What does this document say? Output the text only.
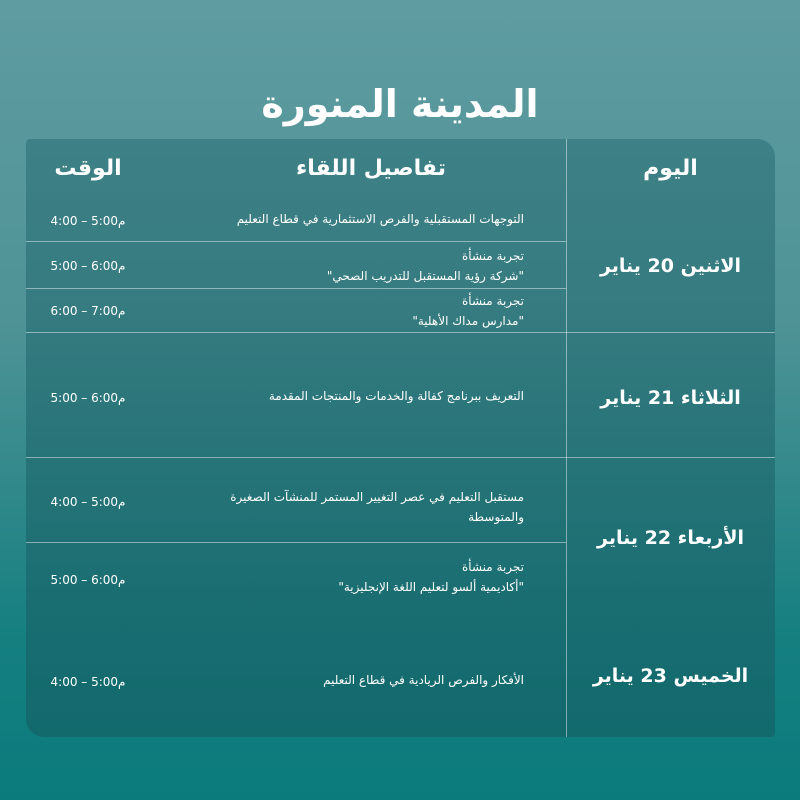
المدينة المنورة
اليوم
تفاصيل اللقاء
الوقت
الاثنين 20 يناير
التوجهات المستقبلية والفرص الاستثمارية في قطاع التعليم
4:00 – 5:00م
تجربة منشأة
"شركة رؤية المستقبل للتدريب الصحي"
5:00 – 6:00م
تجربة منشأة
"مدارس مداك الأهلية"
6:00 – 7:00م
الثلاثاء 21 يناير
التعريف ببرنامج كفالة والخدمات والمنتجات المقدمة
5:00 – 6:00م
الأربعاء 22 يناير
مستقبل التعليم في عصر التغيير المستمر للمنشآت الصغيرة
والمتوسطة
4:00 – 5:00م
تجربة منشأة
"أكاديمية ألسو لتعليم اللغة الإنجليزية"
5:00 – 6:00م
الخميس 23 يناير
الأفكار والفرص الريادية في قطاع التعليم
4:00 – 5:00م
